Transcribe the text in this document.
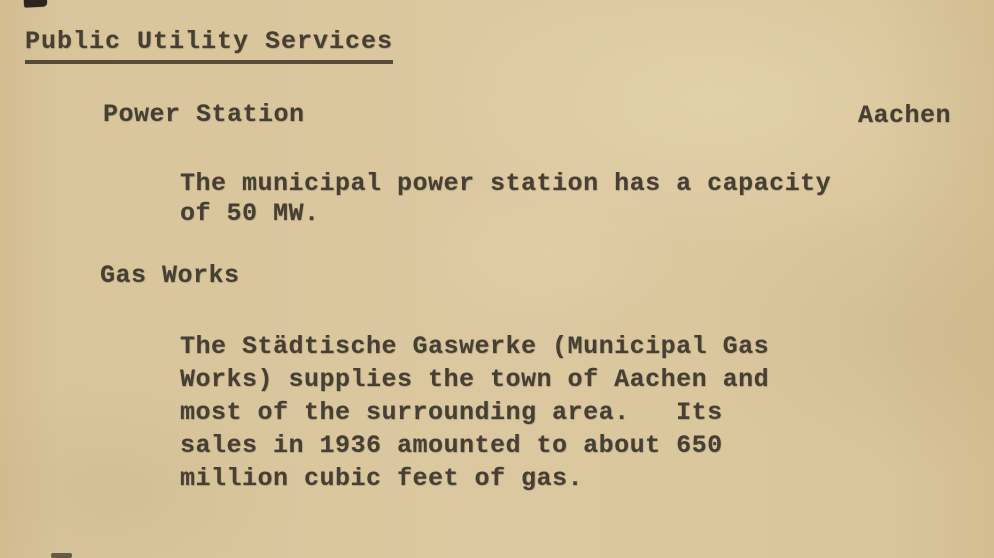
Public Utility Services
Power Station	Aachen
The municipal power station has a capacity
of 50 MW.
Gas Works
The Städtische Gaswerke (Municipal Gas
Works) supplies the town of Aachen and
most of the surrounding area.   Its
sales in 1936 amounted to about 650
million cubic feet of gas.
